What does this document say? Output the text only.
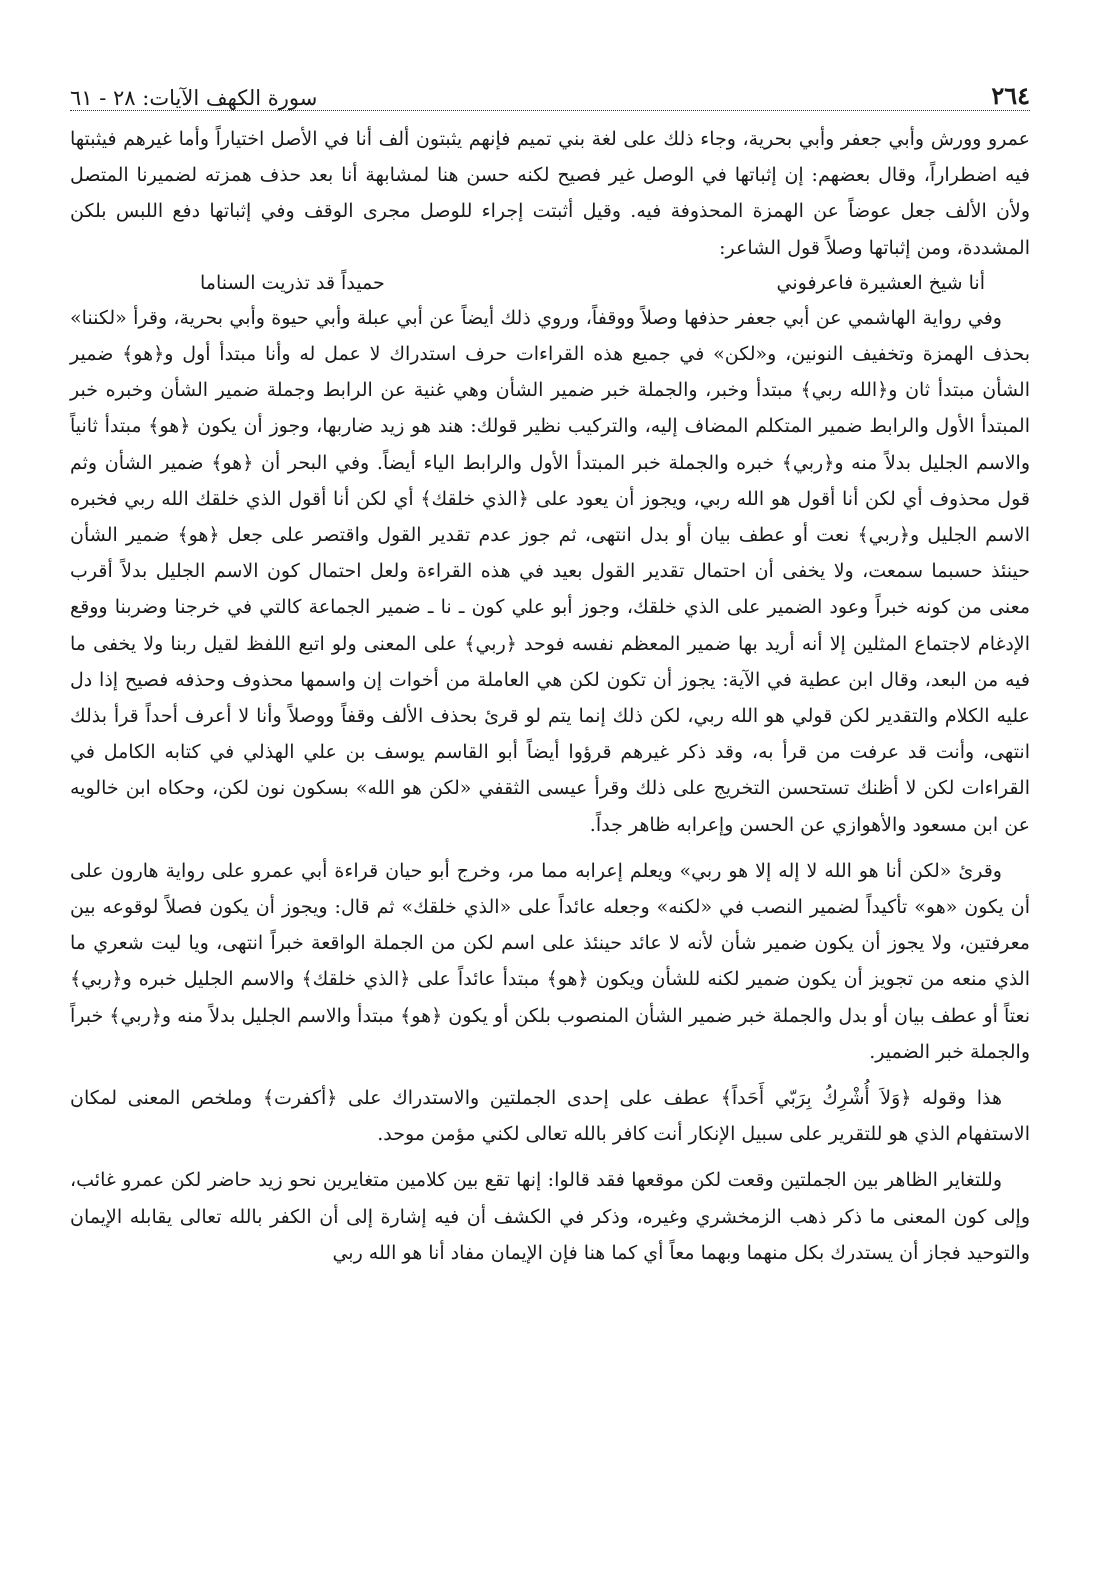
٢٦٤
سورة الكهف الآيات: ٢٨ - ٦١

عمرو وورش وأبي جعفر وأبي بحرية، وجاء ذلك على لغة بني تميم فإنهم يثبتون ألف أنا في الأصل اختياراً وأما غيرهم فيثبتها فيه اضطراراً، وقال بعضهم: إن إثباتها في الوصل غير فصيح لكنه حسن هنا لمشابهة أنا بعد حذف همزته لضميرنا المتصل ولأن الألف جعل عوضاً عن الهمزة المحذوفة فيه. وقيل أثبتت إجراء للوصل مجرى الوقف وفي إثباتها دفع اللبس بلكن المشددة، ومن إثباتها وصلاً قول الشاعر:

أنا شيخ العشيرة فاعرفوني
حميداً قد تذريت السناما

وفي رواية الهاشمي عن أبي جعفر حذفها وصلاً ووقفاً، وروي ذلك أيضاً عن أبي عبلة وأبي حيوة وأبي بحرية، وقرأ «لكننا» بحذف الهمزة وتخفيف النونين، و«لكن» في جميع هذه القراءات حرف استدراك لا عمل له وأنا مبتدأ أول و﴿هو﴾ ضمير الشأن مبتدأ ثان و﴿الله ربي﴾ مبتدأ وخبر، والجملة خبر ضمير الشأن وهي غنية عن الرابط وجملة ضمير الشأن وخبره خبر المبتدأ الأول والرابط ضمير المتكلم المضاف إليه، والتركيب نظير قولك: هند هو زيد ضاربها، وجوز أن يكون ﴿هو﴾ مبتدأ ثانياً والاسم الجليل بدلاً منه و﴿ربي﴾ خبره والجملة خبر المبتدأ الأول والرابط الياء أيضاً. وفي البحر أن ﴿هو﴾ ضمير الشأن وثم قول محذوف أي لكن أنا أقول هو الله ربي، ويجوز أن يعود على ﴿الذي خلقك﴾ أي لكن أنا أقول الذي خلقك الله ربي فخبره الاسم الجليل و﴿ربي﴾ نعت أو عطف بيان أو بدل انتهى، ثم جوز عدم تقدير القول واقتصر على جعل ﴿هو﴾ ضمير الشأن حينئذ حسبما سمعت، ولا يخفى أن احتمال تقدير القول بعيد في هذه القراءة ولعل احتمال كون الاسم الجليل بدلاً أقرب معنى من كونه خبراً وعود الضمير على الذي خلقك، وجوز أبو علي كون ـ نا ـ ضمير الجماعة كالتي في خرجنا وضربنا ووقع الإدغام لاجتماع المثلين إلا أنه أريد بها ضمير المعظم نفسه فوحد ﴿ربي﴾ على المعنى ولو اتبع اللفظ لقيل ربنا ولا يخفى ما فيه من البعد، وقال ابن عطية في الآية: يجوز أن تكون لكن هي العاملة من أخوات إن واسمها محذوف وحذفه فصيح إذا دل عليه الكلام والتقدير لكن قولي هو الله ربي، لكن ذلك إنما يتم لو قرئ بحذف الألف وقفاً ووصلاً وأنا لا أعرف أحداً قرأ بذلك انتهى، وأنت قد عرفت من قرأ به، وقد ذكر غيرهم قرؤوا أيضاً أبو القاسم يوسف بن علي الهذلي في كتابه الكامل في القراءات لكن لا أظنك تستحسن التخريج على ذلك وقرأ عيسى الثقفي «لكن هو الله» بسكون نون لكن، وحكاه ابن خالويه عن ابن مسعود والأهوازي عن الحسن وإعرابه ظاهر جداً.

وقرئ «لكن أنا هو الله لا إله إلا هو ربي» ويعلم إعرابه مما مر، وخرج أبو حيان قراءة أبي عمرو على رواية هارون على أن يكون «هو» تأكيداً لضمير النصب في «لكنه» وجعله عائداً على «الذي خلقك» ثم قال: ويجوز أن يكون فصلاً لوقوعه بين معرفتين، ولا يجوز أن يكون ضمير شأن لأنه لا عائد حينئذ على اسم لكن من الجملة الواقعة خبراً انتهى، ويا ليت شعري ما الذي منعه من تجويز أن يكون ضمير لكنه للشأن ويكون ﴿هو﴾ مبتدأ عائداً على ﴿الذي خلقك﴾ والاسم الجليل خبره و﴿ربي﴾ نعتاً أو عطف بيان أو بدل والجملة خبر ضمير الشأن المنصوب بلكن أو يكون ﴿هو﴾ مبتدأ والاسم الجليل بدلاً منه و﴿ربي﴾ خبراً والجملة خبر الضمير.

هذا وقوله ﴿وَلاَ أُشْرِكُ بِرَبّي أَحَداً﴾ عطف على إحدى الجملتين والاستدراك على ﴿أكفرت﴾ وملخص المعنى لمكان الاستفهام الذي هو للتقرير على سبيل الإنكار أنت كافر بالله تعالى لكني مؤمن موحد.

وللتغاير الظاهر بين الجملتين وقعت لكن موقعها فقد قالوا: إنها تقع بين كلامين متغايرين نحو زيد حاضر لكن عمرو غائب، وإلى كون المعنى ما ذكر ذهب الزمخشري وغيره، وذكر في الكشف أن فيه إشارة إلى أن الكفر بالله تعالى يقابله الإيمان والتوحيد فجاز أن يستدرك بكل منهما وبهما معاً أي كما هنا فإن الإيمان مفاد أنا هو الله ربي
